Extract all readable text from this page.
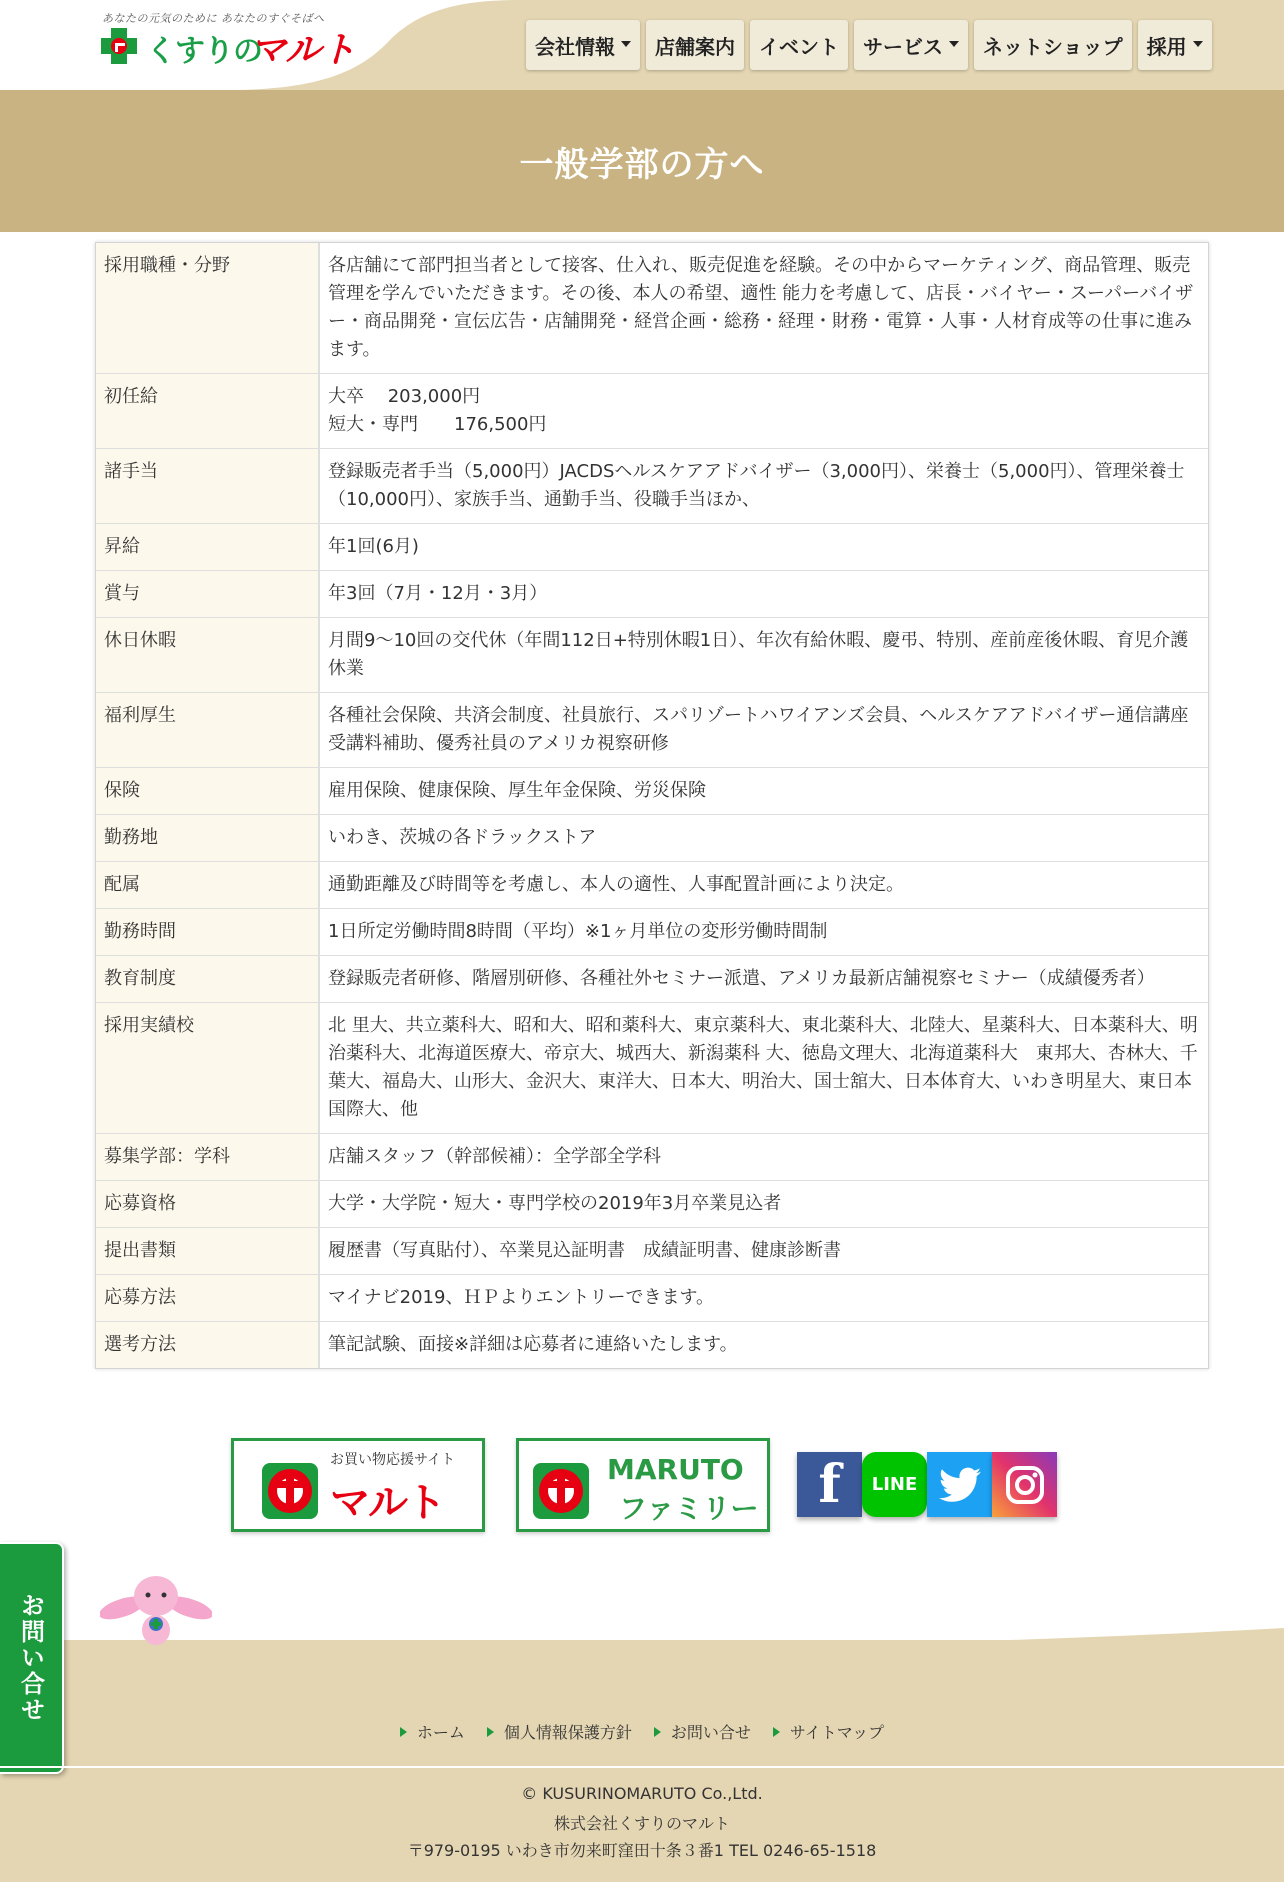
あなたの元気のために あなたのすぐそばへ
くすりの
マルト	会社情報 店舗案内 イベント サービス ネットショップ 採用
一般学部の方へ
採用職種・分野	各店舗にて部門担当者として接客、仕入れ、販売促進を経験。その中からマーケティング、商品管理、販売管理を学んでいただきます。その後、本人の希望、適性 能力を考慮して、店長・バイヤー・スーパーバイザー・商品開発・宣伝広告・店舗開発・経営企画・総務・経理・財務・電算・人事・人材育成等の仕事に進みます。
初任給	大卒　 203,000円
短大・専門　　176,500円
諸手当	登録販売者手当（5,000円）JACDSヘルスケアアドバイザー（3,000円）、栄養士（5,000円）、管理栄養士（10,000円）、家族手当、通勤手当、役職手当ほか、
昇給	年1回(6月)
賞与	年3回（7月・12月・3月）
休日休暇	月間9～10回の交代休（年間112日+特別休暇1日）、年次有給休暇、慶弔、特別、産前産後休暇、育児介護休業
福利厚生	各種社会保険、共済会制度、社員旅行、スパリゾートハワイアンズ会員、ヘルスケアアドバイザー通信講座受講料補助、優秀社員のアメリカ視察研修
保険	雇用保険、健康保険、厚生年金保険、労災保険
勤務地	いわき、茨城の各ドラックストア
配属	通勤距離及び時間等を考慮し、本人の適性、人事配置計画により決定。
勤務時間	1日所定労働時間8時間（平均）※1ヶ月単位の変形労働時間制
教育制度	登録販売者研修、階層別研修、各種社外セミナー派遣、アメリカ最新店舗視察セミナー（成績優秀者）
採用実績校	北 里大、共立薬科大、昭和大、昭和薬科大、東京薬科大、東北薬科大、北陸大、星薬科大、日本薬科大、明治薬科大、北海道医療大、帝京大、城西大、新潟薬科 大、徳島文理大、北海道薬科大　東邦大、杏林大、千葉大、福島大、山形大、金沢大、東洋大、日本大、明治大、国士舘大、日本体育大、いわき明星大、東日本国際大、他
募集学部：学科	店舗スタッフ（幹部候補）：全学部全学科
応募資格	大学・大学院・短大・専門学校の2019年3月卒業見込者
提出書類	履歴書（写真貼付）、卒業見込証明書　成績証明書、健康診断書
応募方法	マイナビ2019、ＨＰよりエントリーできます。
選考方法	筆記試験、面接※詳細は応募者に連絡いたします。
お買い物応援サイト
マルト
MARUTO
ファミリー	f	LINE
お問い合せ
ホーム 個人情報保護方針 お問い合せ サイトマップ
© KUSURINOMARUTO Co.,Ltd.
株式会社くすりのマルト
〒979-0195 いわき市勿来町窪田十条３番1 TEL 0246-65-1518
